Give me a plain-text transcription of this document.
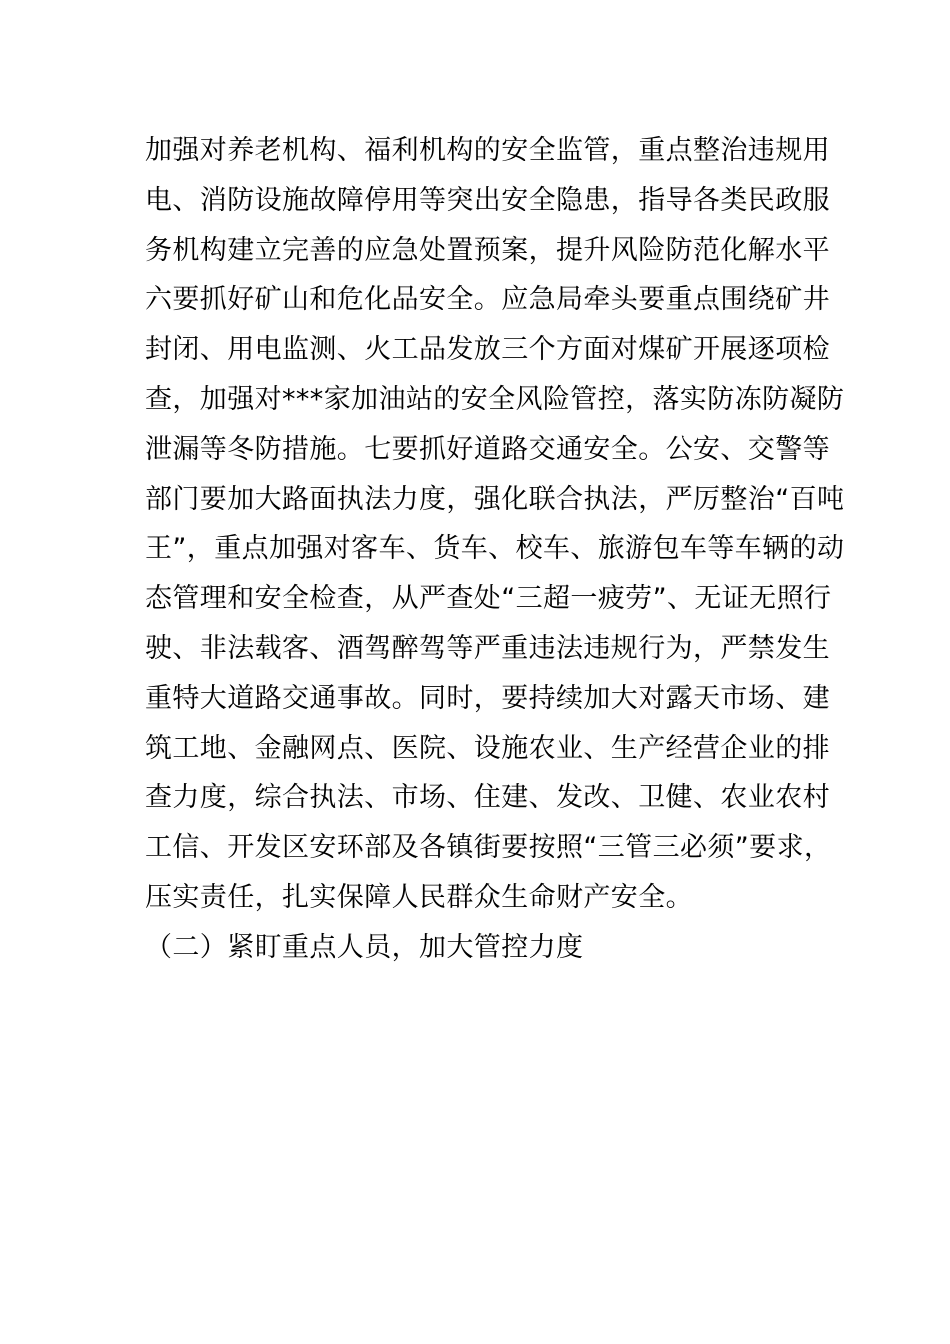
加强对养老机构、福利机构的安全监管，重点整治违规用
电、消防设施故障停用等突出安全隐患，指导各类民政服
务机构建立完善的应急处置预案，提升风险防范化解水平
六要抓好矿山和危化品安全。应急局牵头要重点围绕矿井
封闭、用电监测、火工品发放三个方面对煤矿开展逐项检
查，加强对***家加油站的安全风险管控，落实防冻防凝防
泄漏等冬防措施。七要抓好道路交通安全。公安、交警等
部门要加大路面执法力度，强化联合执法，严厉整治“百吨
王”，重点加强对客车、货车、校车、旅游包车等车辆的动
态管理和安全检查，从严查处“三超一疲劳”、无证无照行
驶、非法载客、酒驾醉驾等严重违法违规行为，严禁发生
重特大道路交通事故。同时，要持续加大对露天市场、建
筑工地、金融网点、医院、设施农业、生产经营企业的排
查力度，综合执法、市场、住建、发改、卫健、农业农村
工信、开发区安环部及各镇街要按照“三管三必须”要求，
压实责任，扎实保障人民群众生命财产安全。
（二）紧盯重点人员，加大管控力度
